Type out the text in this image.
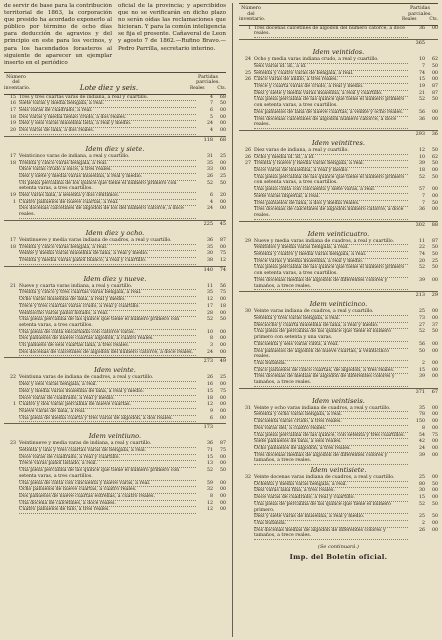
de servir de base para la contribución territorial de 1863, la corporación que presido ha acordado exponerlo al público por término de ocho días para deducción de agravios y del principio en este para los vecinos, y para los hacendados forasteros al siguiente de aparecer un ejemplar inserto en el periódico

oficial de la provincia; y apercibidos que no se verificarán en dicho plazo no serán oídas las reclamaciones que hicieran. Y para la común inteligencia se fija el presente. Cañaveral de Leon y agosto 7 de 1862.—Rufino Bravo.—Pedro Parrilla, secretario interino.

Número del inventario.	Lote diez y seis.
Partidas parciales.
Reales	Cts.
15 Tres y tres cuartas varas de indiana, a real y cuartillo.	4	68
16 Siete varas y media bengala, a real.	7	50
17 Seis varas de cuadrado, a real.	6	00
18 Dos varas y media lienzo crudo, a dos reales.	5	00
19 Diez y seis varas muselina lista, a real y medio.	24	00
20 Dos varas de lana, a dos reales.	4	00
118	68
Idem diez y siete.
17 Veinticinco varas de indiana, a real y cuartillo.	31	25
18 Treinta y cinco varas bengala, a real.	35	00
Once varas crudo a once, a tres reales.	33	00
Diez y siete y media varas muselina, a real y medio.	26	25
Un pieza percalina de los quince que tiene el número primero con setenta varas, a tres cuartillos.
52	50
19 Diez varas lana, a sesenta y dos céntimos.	6	20
1 Cuatro pañuelos de nueve cuartas, a real.	4	00
Dos docenas calcetines de algodón de los del número catorce, a doce reales.
24	00
225	45
Idem diez y ocho.
17 Veintinueve y media varas indiana de cuadros, a real y cuartillo.	36	87
18 Treinta y cinco varas bengala, a real.	35	00
Veinte y media varas muselina de lana, a real y medio.	30	75
Treinta y media varas pañol blanco, a real y cuartillo.	38	12
140	74
Idem diez y nueve.
21 Nueve y cuarta varas indiana, a real y cuartillo.	11	56
Treinta y cinco y tres cuartas varas bengala, a real.	35	75
Ocho varas muselina de lana, a real y medio.	12	00
Trece y tres cuartas varas crudo, a real y cuartillo.	17	18
Veintiocho varas pañol listado, a real.	28	00
Una pieza percalina de las quince que tiene el número primero con setenta varas, a tres cuartillos.
52	50
Una pieza de cinta encarnada con catorce varas.	10	00
Dos pañuelos de nueve cuartas algodón, a cuatro reales.	8	00
Un pañuelo de seis cuartas lana, a tres reales.	3	00
Dos docenas de calcetines de algodón del número catorce, a doce reales.	24	00
273	49
Idem veinte.
22 Veintiuna varas de indiana de cuadros, a real y cuartillo.	26	25
Diez y seis varas bengala, a real.	16	00
Diez y media varas muselina de lana, a real y medio.	15	75
Doce varas de cuadrado, a real y medio.	18	00
1 Cuatro y dos varas percalina de nueve cuartas.	12	00
Nueve varas de lana, a real.	9	00
Una pieza de media cuarta y tres varas de algodón, a dos reales.	6	00
173
Idem veintiuno.
23 Veintinueve y media varas de indiana, a real y cuartillo.	36	87
Setenta y una y tres cuartas varas de bengala, a real.	71	75
Doce varas de cuadrado, a real y cuartillo.	15	00
Trece varas pañol listado, a real.	13	00
Una pieza percalina de las quince que tiene el número primero con setenta varas, a tres cuartillos.
52	50
Una pieza de cinta con cincuenta y nueve varas, a real.	59	00
Ocho pañuelos de nueve cuartas, a cuatro reales.	32	00
Dos pañuelos de nueve cuartas estrellas, a cuatro reales.	8	00
Una docena de calcetines, a doce reales.	12	00
Cuatro pañuelos de hilo, a tres reales.	12	00
Número del inventario.
Partidas parciales.
Reales	Cts.
1 Tres docenas calcetines de algodón del número catorce, a doce reales.
36	00
365
Idem veintidos.
24 Ocho y media varas indiana crudo, a real y cuartillo.	10	62
Seis varas id. id., a id.	7	50
25 Setenta y cuatro varas de bengala, a real.	74	00
26 Cinco varas de añillo, a tres reales.	15	00
Trece y cuarta varas de crudo, a real y medio.	19	87
Diez y siete y media varas muselina, a real y cuartillo.	21	87
Una pieza percalina de las quince que tiene el número primero con setenta varas, a tres cuartillos.
52	50
Dos pañuelos de lana de nueve cuartas, a veinte y ocho reales.	56	00
Tres docenas calcetines de algodón número catorce, a doce reales.
36	00
293	36
Idem veintitres.
26 Diez varas de indiana, a real y cuartillo.	12	50
26 Ocho y media id. id., a id.	10	62
27 Treinta y nueve y media varas bengala, a real.	39	50
Doce varas de muselina, a real y medio.	18	00
Una pieza percalina de las quince que tiene el número primero con setenta varas, a tres cuartillos.
52	50
Una pieza cinta con cincuenta y siete varas, a real.	57	00
Siete varas imperial, a real.	7	00
Tres pañuelos de lana, a dos y media reales.	7	50
Tres docenas de calcetines de algodón número catorce, a doce reales.
36	00
302	88
Idem veinticuatro.
29 Nueve y media varas indiana de cuadros, a real y cuartillo.	11	87
Veintidos y media varas bengala, a real.	22	50
Setenta y cuatro y media varas bengala, a real.	74	50
Trece varas y media muselina, a real y medio.	20	25
Una pieza percalina de las quince que tiene el número primero con setenta varas, a tres cuartillos.
52	50
Tres docenas medias de algodón de diferentes colores y tamaños, a trece reales.
39	00
213	29
Idem veinticinco.
30 Veinte varas indiana de cuadros, a real y cuartillo.	25	00
Setenta y tres varas bengala, a real.	73	00
Dieciocho y cuarta muselina de lana, a real y medio.	27	37
Una pieza de percalina de las quince que tiene el número primero con setenta y una varas.
52	50
Cincuenta y seis varas cinta, a real.	56	00
Dos pañuelos de algodón de nueve cuartas, a veinticinco reales.
50	00
Una bufanda.	2	00
Cinco pañuelos de cinco cuartas, de algodón, a tres reales.	15	00
Tres docenas de medias de algodón de diferentes colores y tamaños, a trece reales.
39	00
371	67
Idem veintiseis.
31 Veinte y ocho varas indiana de cuadros, a real y cuartillo.	35	00
Setenta y ocho varas bengala, a real.	78	00
Cincuenta varas crudo, a tres reales.	150	00
Dos varas del, a cuatro reales.	8	00
Una pieza percalina de las quince, con setenta y tres cuartillos.	54	75
Siete pañuelos de lana, a seis reales.	42	00
Ocho pañuelos de algodón, a tres reales.	24	00
Tres docenas medias de algodón de diferentes colores y tamaños, a trece reales.
39	00
Idem veintisiete.
32 Veinte docenas varas indiana de cuadros, a real y cuartillo.	25	00
Ochenta y media varas bengala, a real.	80	50
Diez varas lana fina, a tres reales.	30	00
Doce varas de cuadrado, a real y cuartillo.	15	00
Una pieza de percalina de las quince que tiene el número primero.
52	50
Diez y siete varas de muselina, a real y medio.	25	50
Una bufanda.	2	00
Dos docenas medias de algodón de diferentes colores y tamaños, a trece reales.
26	00
(Se continuará.)
Imp. del Boletín oficial.
